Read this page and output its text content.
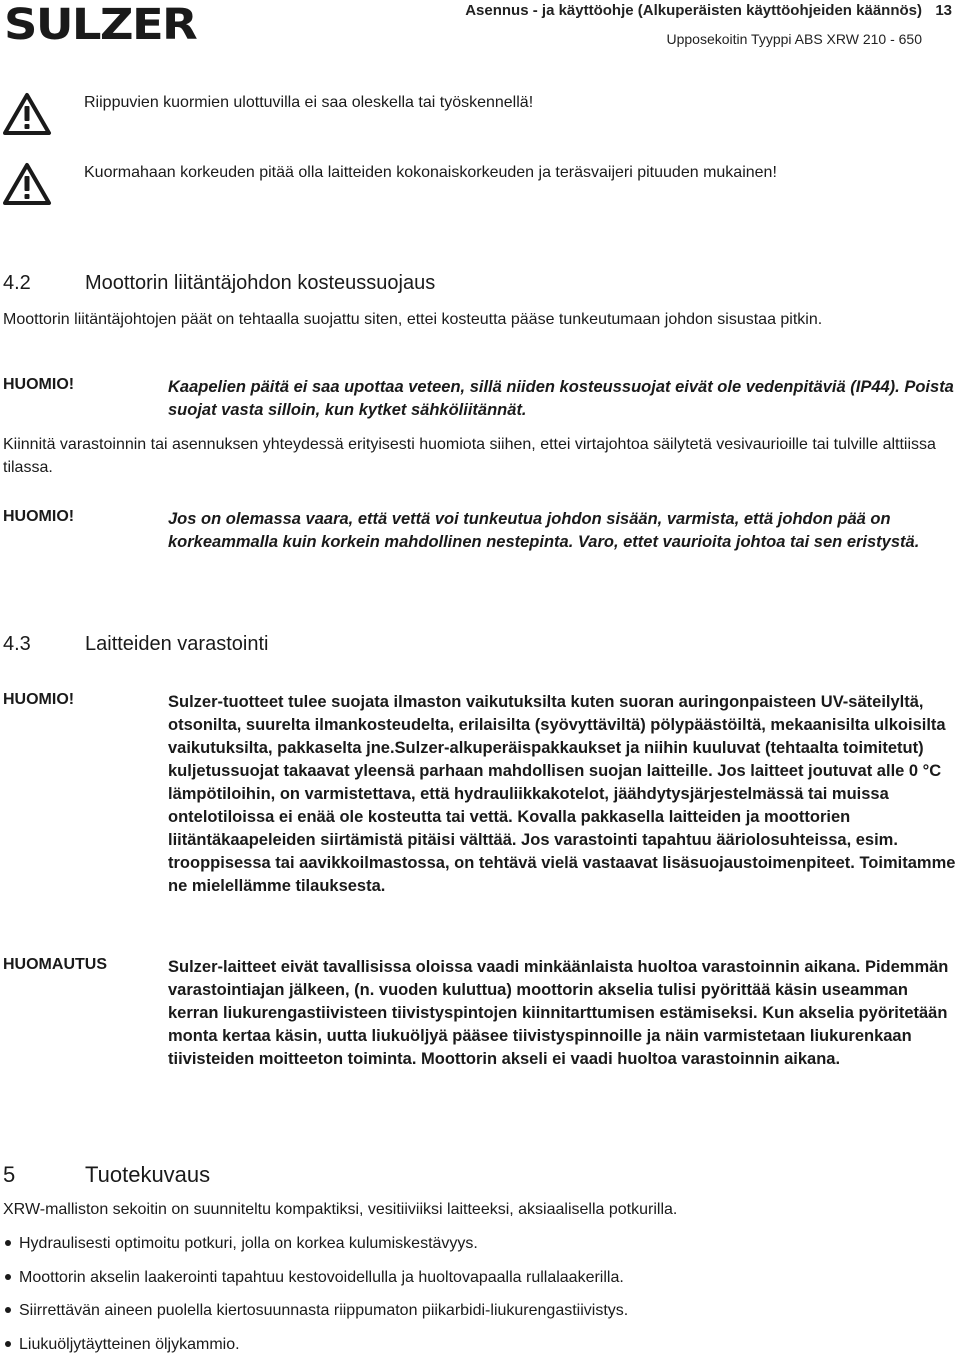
SULZER	Asennus - ja käyttöohje (Alkuperäisten käyttöohjeiden käännös) 13
Upposekoitin Tyyppi ABS XRW 210 - 650
Riippuvien kuormien ulottuvilla ei saa oleskella tai työskennellä!
Kuormahaan korkeuden pitää olla laitteiden kokonaiskorkeuden ja teräsvaijeri pituuden mukainen!
4.2	Moottorin liitäntäjohdon kosteussuojaus
Moottorin liitäntäjohtojen päät on tehtaalla suojattu siten, ettei kosteutta pääse tunkeutumaan johdon sisustaa pitkin.
HUOMIO!	Kaapelien päitä ei saa upottaa veteen, sillä niiden kosteussuojat eivät ole vedenpitäviä (IP44). Poista suojat vasta silloin, kun kytket sähköliitännät.
Kiinnitä varastoinnin tai asennuksen yhteydessä erityisesti huomiota siihen, ettei virtajohtoa säilytetä vesivaurioille tai tulville alttiissa tilassa.
HUOMIO!	Jos on olemassa vaara, että vettä voi tunkeutua johdon sisään, varmista, että johdon pää on korkeammalla kuin korkein mahdollinen nestepinta. Varo, ettet vaurioita johtoa tai sen eristystä.
4.3	Laitteiden varastointi
HUOMIO!	Sulzer-tuotteet tulee suojata ilmaston vaikutuksilta kuten suoran auringonpaisteen UV-säteilyltä, otsonilta, suurelta ilmankosteudelta, erilaisilta (syövyttäviltä) pölypäästöiltä, mekaanisilta ulkoisilta vaikutuksilta, pakkaselta jne.Sulzer-alkuperäispakkaukset ja niihin kuuluvat (tehtaalta toimitetut) kuljetussuojat takaavat yleensä parhaan mahdollisen suojan laitteille. Jos laitteet joutuvat alle 0 °C lämpötiloihin, on varmistettava, että hydrauliikkakotelot, jäähdytysjärjestelmässä tai muissa ontelotiloissa ei enää ole kosteutta tai vettä. Kovalla pakkasella laitteiden ja moottorien liitäntäkaapeleiden siirtämistä pitäisi välttää. Jos varastointi tapahtuu ääriolosuhteissa, esim. trooppisessa tai aavikkoilmastossa, on tehtävä vielä vastaavat lisäsuojaustoimenpiteet. Toimitamme ne mielellämme tilauksesta.
HUOMAUTUS	Sulzer-laitteet eivät tavallisissa oloissa vaadi minkäänlaista huoltoa varastoinnin aikana. Pidemmän varastointiajan jälkeen, (n. vuoden kuluttua) moottorin akselia tulisi pyörittää käsin useamman kerran liukurengastiivisteen tiivistyspintojen kiinnitarttumisen estämiseksi. Kun akselia pyöritetään monta kertaa käsin, uutta liukuöljyä pääsee tiivistyspinnoille ja näin varmistetaan liukurenkaan tiivisteiden moitteeton toiminta. Moottorin akseli ei vaadi huoltoa varastoinnin aikana.
5	Tuotekuvaus
XRW-malliston sekoitin on suunniteltu kompaktiksi, vesitiiviiksi laitteeksi, aksiaalisella potkurilla.
Hydraulisesti optimoitu potkuri, jolla on korkea kulumiskestävyys.
Moottorin akselin laakerointi tapahtuu kestovoidellulla ja huoltovapaalla rullalaakerilla.
Siirrettävän aineen puolella kiertosuunnasta riippumaton piikarbidi-liukurengastiivistys.
Liukuöljytäytteinen öljykammio.
